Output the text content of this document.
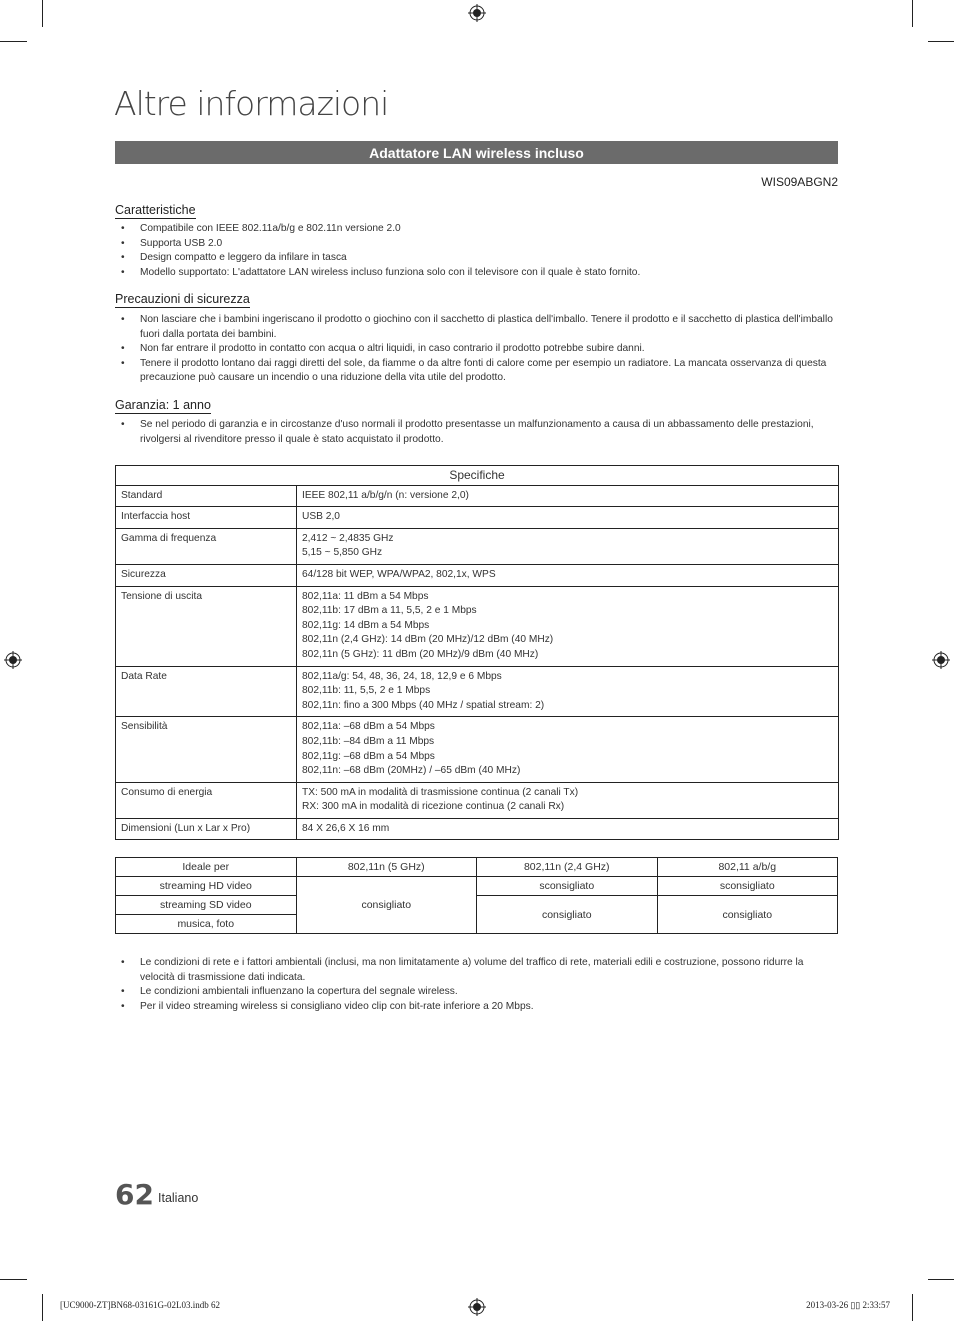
Altre informazioni
Adattatore LAN wireless incluso
WIS09ABGN2
Caratteristiche
• Compatibile con IEEE 802.11a/b/g e 802.11n versione 2.0
• Supporta USB 2.0
• Design compatto e leggero da infilare in tasca
• Modello supportato: L'adattatore LAN wireless incluso funziona solo con il televisore con il quale è stato fornito.
Precauzioni di sicurezza
• Non lasciare che i bambini ingeriscano il prodotto o giochino con il sacchetto di plastica dell'imballo. Tenere il prodotto e il sacchetto di plastica dell'imballo fuori dalla portata dei bambini.
• Non far entrare il prodotto in contatto con acqua o altri liquidi, in caso contrario il prodotto potrebbe subire danni.
• Tenere il prodotto lontano dai raggi diretti del sole, da fiamme o da altre fonti di calore come per esempio un radiatore. La mancata osservanza di questa precauzione può causare un incendio o una riduzione della vita utile del prodotto.
Garanzia: 1 anno
• Se nel periodo di garanzia e in circostanze d'uso normali il prodotto presentasse un malfunzionamento a causa di un abbassamento delle prestazioni, rivolgersi al rivenditore presso il quale è stato acquistato il prodotto.
Specifiche	
Standard	IEEE 802,11 a/b/g/n (n: versione 2,0)
Interfaccia host	USB 2,0
Gamma di frequenza	2,412 ~ 2,4835 GHz
5,15 ~ 5,850 GHz
Sicurezza	64/128 bit WEP, WPA/WPA2, 802,1x, WPS
Tensione di uscita	802,11a: 11 dBm a 54 Mbps
802,11b: 17 dBm a 11, 5,5, 2 e 1 Mbps
802,11g: 14 dBm a 54 Mbps
802,11n (2,4 GHz): 14 dBm (20 MHz)/12 dBm (40 MHz)
802,11n (5 GHz): 11 dBm (20 MHz)/9 dBm (40 MHz)
Data Rate	802,11a/g: 54, 48, 36, 24, 18, 12,9 e 6 Mbps
802,11b: 11, 5,5, 2 e 1 Mbps
802,11n: fino a 300 Mbps (40 MHz / spatial stream: 2)
Sensibilità	802,11a: –68 dBm a 54 Mbps
802,11b: –84 dBm a 11 Mbps
802,11g: –68 dBm a 54 Mbps
802,11n: –68 dBm (20MHz) / –65 dBm (40 MHz)
Consumo di energia	TX: 500 mA in modalità di trasmissione continua (2 canali Tx)
RX: 300 mA in modalità di ricezione continua (2 canali Rx)
Dimensioni (Lun x Lar x Pro)	84 X 26,6 X 16 mm
Ideale per	802,11n (5 GHz)	802,11n (2,4 GHz)	802,11 a/b/g
streaming HD video	consigliato	sconsigliato	sconsigliato
streaming SD video		consigliato	consigliato
musica, foto			
• Le condizioni di rete e i fattori ambientali (inclusi, ma non limitatamente a) volume del traffico di rete, materiali edili e costruzione, possono ridurre la velocità di trasmissione dati indicata.
• Le condizioni ambientali influenzano la copertura del segnale wireless.
• Per il video streaming wireless si consigliano video clip con bit-rate inferiore a 20 Mbps.
62 Italiano
[UC9000-ZT]BN68-03161G-02L03.indb 62	2013-03-26 ▯▯ 2:33:57
